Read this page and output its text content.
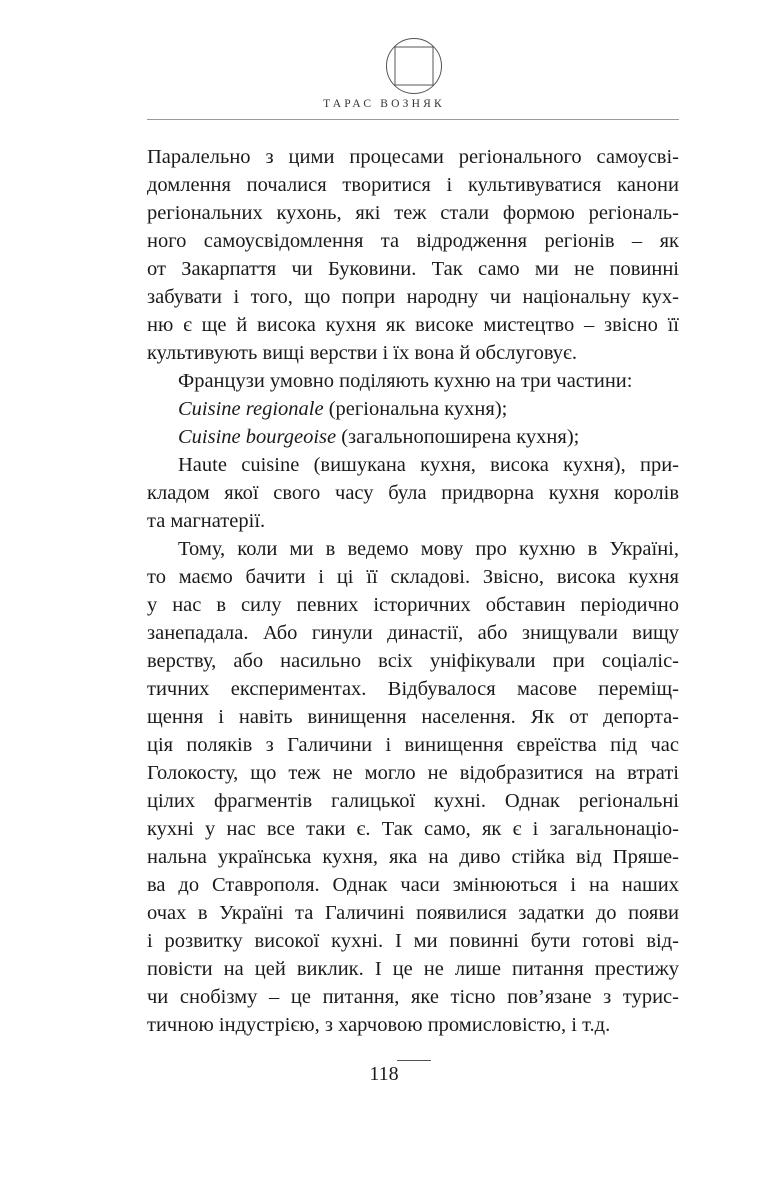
ТАРАС ВОЗНЯК
Паралельно з цими процесами регіонального самоусві-
домлення почалися творитися і культивуватися канони
регіональних кухонь, які теж стали формою регіональ-
ного самоусвідомлення та відродження регіонів – як
от Закарпаття чи Буковини. Так само ми не повинні
забувати і того, що попри народну чи національну кух-
ню є ще й висока кухня як високе мистецтво – звісно її
культивують вищі верстви і їх вона й обслуговує.
Французи умовно поділяють кухню на три частини:
Cuisine regionale (регіональна кухня);
Cuisine bourgeoise (загальнопоширена кухня);
Haute cuisine (вишукана кухня, висока кухня), при-
кладом якої свого часу була придворна кухня королів
та магнатерії.
Тому, коли ми в ведемо мову про кухню в Україні,
то маємо бачити і ці її складові. Звісно, висока кухня
у нас в силу певних історичних обставин періодично
занепадала. Або гинули династії, або знищували вищу
верству, або насильно всіх уніфікували при соціаліс-
тичних експериментах. Відбувалося масове переміщ-
щення і навіть винищення населення. Як от депорта-
ція поляків з Галичини і винищення євреїства під час
Голокосту, що теж не могло не відобразитися на втраті
цілих фрагментів галицької кухні. Однак регіональні
кухні у нас все таки є. Так само, як є і загальнонаціо-
нальна українська кухня, яка на диво стійка від Пряше-
ва до Ставрополя. Однак часи змінюються і на наших
очах в Україні та Галичині появилися задатки до появи
і розвитку високої кухні. І ми повинні бути готові від-
повісти на цей виклик. І це не лише питання престижу
чи снобізму – це питання, яке тісно пов’язане з турис-
тичною індустрією, з харчовою промисловістю, і т.д.
118
